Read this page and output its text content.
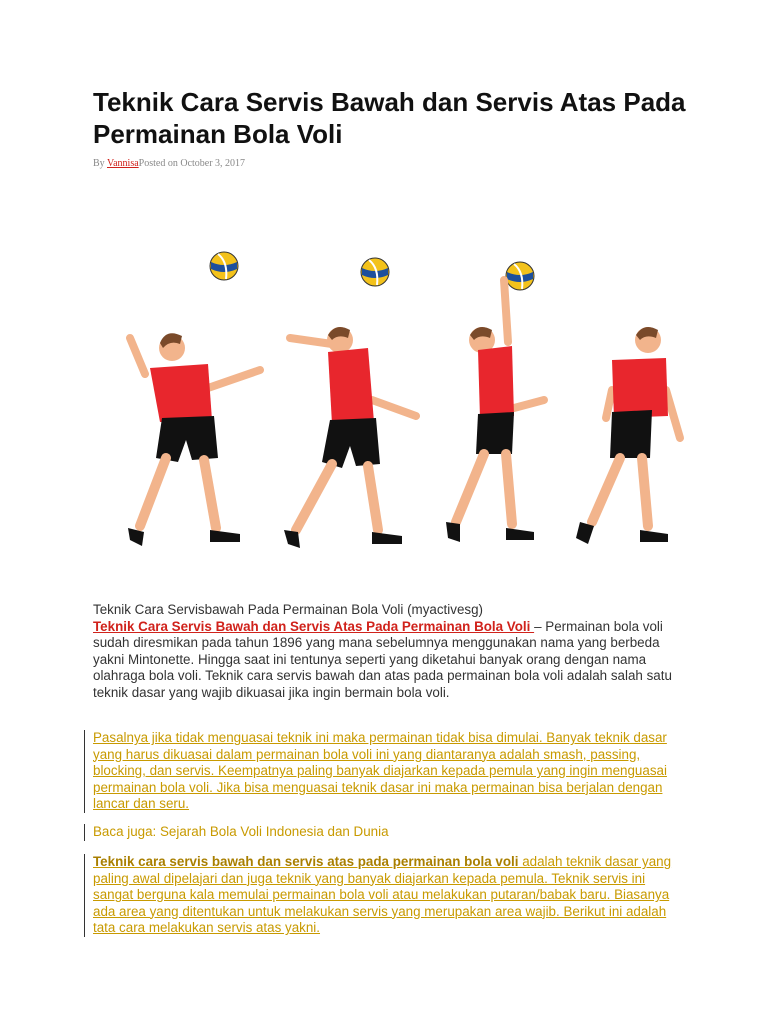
Teknik Cara Servis Bawah dan Servis Atas Pada Permainan Bola Voli
By VannisaPosted on October 3, 2017
Teknik Cara Servisbawah Pada Permainan Bola Voli (myactivesg)
Teknik Cara Servis Bawah dan Servis Atas Pada Permainan Bola Voli – Permainan bola voli sudah diresmikan pada tahun 1896 yang mana sebelumnya menggunakan nama yang berbeda yakni Mintonette. Hingga saat ini tentunya seperti yang diketahui banyak orang dengan nama olahraga bola voli. Teknik cara servis bawah dan atas pada permainan bola voli adalah salah satu teknik dasar yang wajib dikuasai jika ingin bermain bola voli.
Pasalnya jika tidak menguasai teknik ini maka permainan tidak bisa dimulai. Banyak teknik dasar yang harus dikuasai dalam permainan bola voli ini yang diantaranya adalah smash, passing, blocking, dan servis. Keempatnya paling banyak diajarkan kepada pemula yang ingin menguasai permainan bola voli. Jika bisa menguasai teknik dasar ini maka permainan bisa berjalan dengan lancar dan seru.
Baca juga: Sejarah Bola Voli Indonesia dan Dunia
Teknik cara servis bawah dan servis atas pada permainan bola voli adalah teknik dasar yang paling awal dipelajari dan juga teknik yang banyak diajarkan kepada pemula. Teknik servis ini sangat berguna kala memulai permainan bola voli atau melakukan putaran/babak baru. Biasanya ada area yang ditentukan untuk melakukan servis yang merupakan area wajib. Berikut ini adalah tata cara melakukan servis atas yakni.
